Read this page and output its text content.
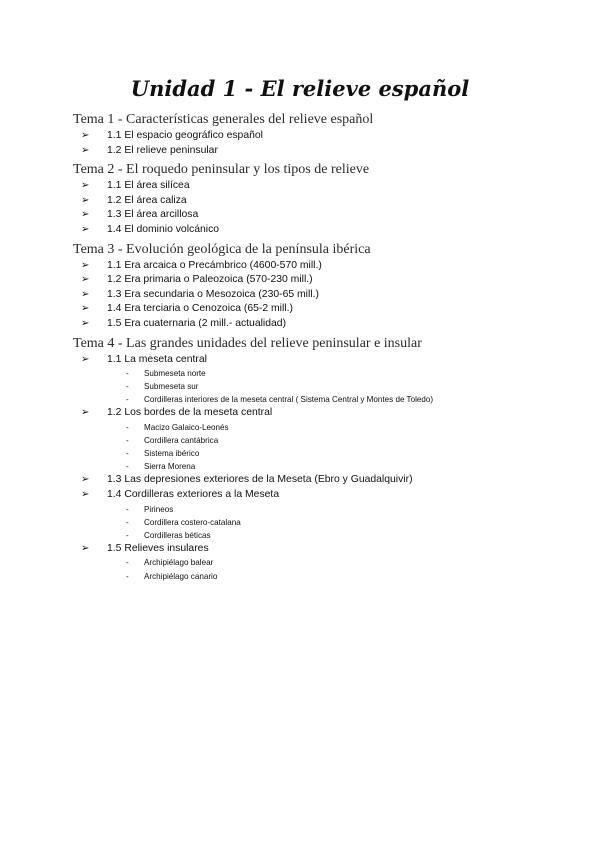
Unidad 1 - El relieve español
Tema 1 - Características generales del relieve español
➢ 1.1 El espacio geográfico español
➢ 1.2 El relieve peninsular
Tema 2 - El roquedo peninsular y los tipos de relieve
➢ 1.1 El área silícea
➢ 1.2 El área caliza
➢ 1.3 El área arcillosa
➢ 1.4 El dominio volcánico
Tema 3 - Evolución geológica de la península ibérica
➢ 1.1 Era arcaica o Precámbrico (4600-570 mill.)
➢ 1.2 Era primaria o Paleozoica (570-230 mill.)
➢ 1.3 Era secundaria o Mesozoica (230-65 mill.)
➢ 1.4 Era terciaria o Cenozoica (65-2 mill.)
➢ 1.5 Era cuaternaria (2 mill.- actualidad)
Tema 4 - Las grandes unidades del relieve peninsular e insular
➢ 1.1 La meseta central
- Submeseta norte
- Submeseta sur
- Cordilleras interiores de la meseta central ( Sistema Central y Montes de Toledo)
➢ 1.2 Los bordes de la meseta central
- Macizo Galaico-Leonés
- Cordillera cantábrica
- Sistema ibérico
- Sierra Morena
➢ 1.3 Las depresiones exteriores de la Meseta (Ebro y Guadalquivir)
➢ 1.4 Cordilleras exteriores a la Meseta
- Pirineos
- Cordillera costero-catalana
- Cordilleras béticas
➢ 1.5 Relieves insulares
- Archipiélago balear
- Archipiélago canario
